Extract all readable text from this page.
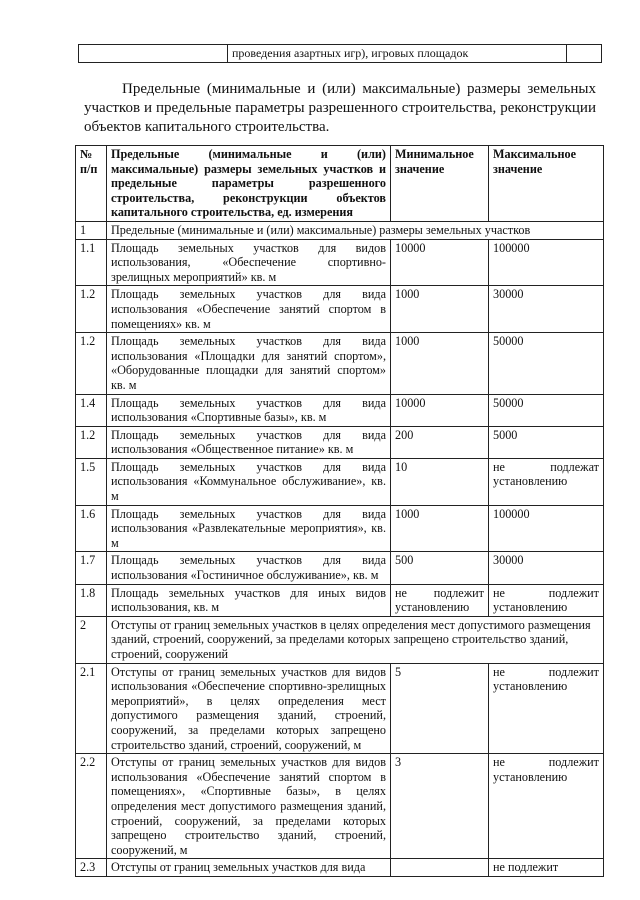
	проведения азартных игр), игровых площадок	

Предельные (минимальные и (или) максимальные) размеры земельных участков и предельные параметры разрешенного строительства, реконструкции объектов капитального строительства.

№ п/п	Предельные (минимальные и (или) максимальные) размеры земельных участков и предельные параметры разрешенного строительства, реконструкции объектов капитального строительства, ед. измерения	Минимальное значение	Максимальное значение
1	Предельные (минимальные и (или) максимальные) размеры земельных участков		
1.1	Площадь земельных участков для видов использования, «Обеспечение спортивно-зрелищных мероприятий» кв. м	10000	100000
1.2	Площадь земельных участков для вида использования «Обеспечение занятий спортом в помещениях» кв. м	1000	30000
1.2	Площадь земельных участков для вида использования «Площадки для занятий спортом», «Оборудованные площадки для занятий спортом» кв. м	1000	50000
1.4	Площадь земельных участков для вида использования «Спортивные базы», кв. м	10000	50000
1.2	Площадь земельных участков для вида использования «Общественное питание» кв. м	200	5000
1.5	Площадь земельных участков для вида использования «Коммунальное обслуживание», кв. м	10	не подлежат установлению
1.6	Площадь земельных участков для вида использования «Развлекательные мероприятия», кв. м	1000	100000
1.7	Площадь земельных участков для вида использования «Гостиничное обслуживание», кв. м	500	30000
1.8	Площадь земельных участков для иных видов использования, кв. м	не подлежит установлению	не подлежит установлению
2	Отступы от границ земельных участков в целях определения мест допустимого размещения зданий, строений, сооружений, за пределами которых запрещено строительство зданий, строений, сооружений		
2.1	Отступы от границ земельных участков для видов использования «Обеспечение спортивно-зрелищных мероприятий», в целях определения мест допустимого размещения зданий, строений, сооружений, за пределами которых запрещено строительство зданий, строений, сооружений, м	5	не подлежит установлению
2.2	Отступы от границ земельных участков для видов использования «Обеспечение занятий спортом в помещениях», «Спортивные базы», в целях определения мест допустимого размещения зданий, строений, сооружений, за пределами которых запрещено строительство зданий, строений, сооружений, м	3	не подлежит установлению
2.3	Отступы от границ земельных участков для вида		не подлежит
